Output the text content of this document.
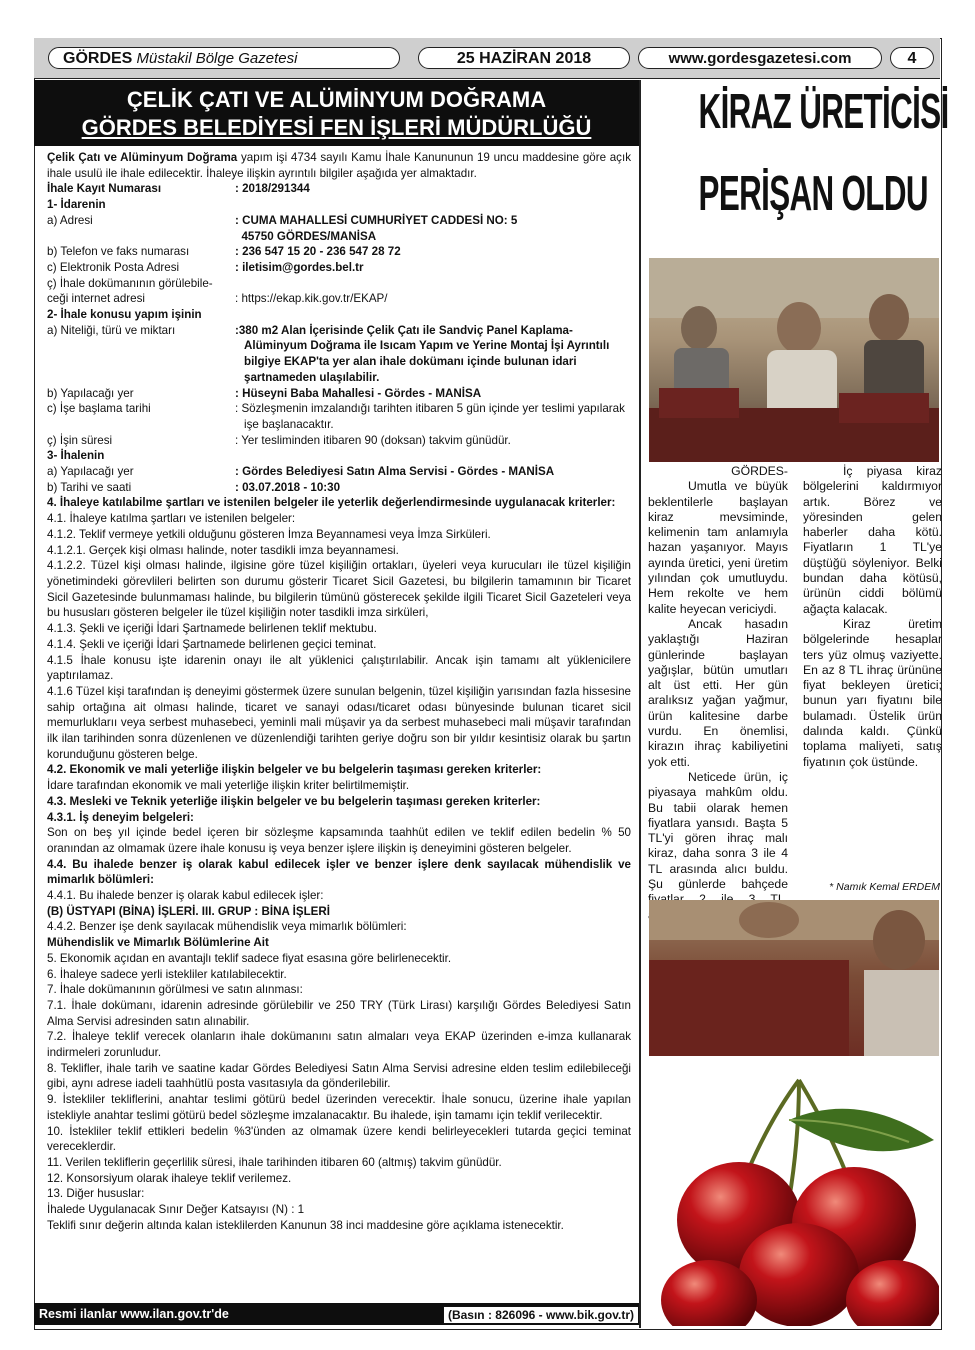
GÖRDES Müstakil Bölge Gazetesi	25 HAZİRAN 2018	www.gordesgazetesi.com	4
ÇELİK ÇATI VE ALÜMİNYUM DOĞRAMA
GÖRDES BELEDİYESİ FEN İŞLERİ MÜDÜRLÜĞÜ

Çelik Çatı ve Alüminyum Doğrama yapım işi 4734 sayılı Kamu İhale Kanununun 19 uncu maddesine göre açık ihale usulü ile ihale edilecektir. İhaleye ilişkin ayrıntılı bilgiler aşağıda yer almaktadır.

İhale Kayıt Numarası	: 2018/291344

1- İdarenin

a) Adresi	: CUMA MAHALLESİ CUMHURİYET CADDESİ NO: 5
45750 GÖRDES/MANİSA
b) Telefon ve faks numarası	: 236 547 15 20 - 236 547 28 72
c) Elektronik Posta Adresi	: iletisim@gordes.bel.tr

ç) İhale dokümanının görülebile-

ceği internet adresi	: https://ekap.kik.gov.tr/EKAP/

2- İhale konusu yapım işinin

a) Niteliği, türü ve miktarı	:380 m2 Alan İçerisinde Çelik Çatı ile Sandviç Panel Kaplama-Alüminyum Doğrama ile Isıcam Yapım ve Yerine Montaj İşi Ayrıntılı bilgiye EKAP'ta yer alan ihale dokümanı içinde bulunan idari şartnameden ulaşılabilir.
b) Yapılacağı yer	: Hüseyni Baba Mahallesi - Gördes - MANİSA
c) İşe başlama tarihi	: Sözleşmenin imzalandığı tarihten itibaren 5 gün içinde yer teslimi yapılarak işe başlanacaktır.
ç) İşin süresi	: Yer tesliminden itibaren 90 (doksan) takvim günüdür.

3- İhalenin

a) Yapılacağı yer	: Gördes Belediyesi Satın Alma Servisi - Gördes - MANİSA
b) Tarihi ve saati	: 03.07.2018 - 10:30

4. İhaleye katılabilme şartları ve istenilen belgeler ile yeterlik değerlendirmesinde uygulanacak kriterler:

4.1. İhaleye katılma şartları ve istenilen belgeler:

4.1.2. Teklif vermeye yetkili olduğunu gösteren İmza Beyannamesi veya İmza Sirküleri.

4.1.2.1. Gerçek kişi olması halinde, noter tasdikli imza beyannamesi.

4.1.2.2. Tüzel kişi olması halinde, ilgisine göre tüzel kişiliğin ortakları, üyeleri veya kurucuları ile tüzel kişiliğin yönetimindeki görevlileri belirten son durumu gösterir Ticaret Sicil Gazetesi, bu bilgilerin tamamının bir Ticaret Sicil Gazetesinde bulunmaması halinde, bu bilgilerin tümünü gösterecek şekilde ilgili Ticaret Sicil Gazeteleri veya bu hususları gösteren belgeler ile tüzel kişiliğin noter tasdikli imza sirküleri,

4.1.3. Şekli ve içeriği İdari Şartnamede belirlenen teklif mektubu.

4.1.4. Şekli ve içeriği İdari Şartnamede belirlenen geçici teminat.

4.1.5 İhale konusu işte idarenin onayı ile alt yüklenici çalıştırılabilir. Ancak işin tamamı alt yüklenicilere yaptırılamaz.

4.1.6 Tüzel kişi tarafından iş deneyimi göstermek üzere sunulan belgenin, tüzel kişiliğin yarısından fazla hissesine sahip ortağına ait olması halinde, ticaret ve sanayi odası/ticaret odası bünyesinde bulunan ticaret sicil memurluklarıı veya serbest muhasebeci, yeminli mali müşavir ya da serbest muhasebeci mali müşavir tarafından ilk ilan tarihinden sonra düzenlenen ve düzenlendiği tarihten geriye doğru son bir yıldır kesintisiz olarak bu şartın korunduğunu gösteren belge.

4.2. Ekonomik ve mali yeterliğe ilişkin belgeler ve bu belgelerin taşıması gereken kriterler:

İdare tarafından ekonomik ve mali yeterliğe ilişkin kriter belirtilmemiştir.

4.3. Mesleki ve Teknik yeterliğe ilişkin belgeler ve bu belgelerin taşıması gereken kriterler:

4.3.1. İş deneyim belgeleri:

Son on beş yıl içinde bedel içeren bir sözleşme kapsamında taahhüt edilen ve teklif edilen bedelin % 50 oranından az olmamak üzere ihale konusu iş veya benzer işlere ilişkin iş deneyimini gösteren belgeler.

4.4. Bu ihalede benzer iş olarak kabul edilecek işler ve benzer işlere denk sayılacak mühendislik ve mimarlık bölümleri:

4.4.1. Bu ihalede benzer iş olarak kabul edilecek işler:

(B) ÜSTYAPI (BİNA) İŞLERİ. III. GRUP : BİNA İŞLERİ

4.4.2. Benzer işe denk sayılacak mühendislik veya mimarlık bölümleri:

Mühendislik ve Mimarlık Bölümlerine Ait

5. Ekonomik açıdan en avantajlı teklif sadece fiyat esasına göre belirlenecektir.

6. İhaleye sadece yerli istekliler katılabilecektir.

7. İhale dokümanının görülmesi ve satın alınması:

7.1. İhale dokümanı, idarenin adresinde görülebilir ve 250 TRY (Türk Lirası) karşılığı Gördes Belediyesi Satın Alma Servisi adresinden satın alınabilir.

7.2. İhaleye teklif verecek olanların ihale dokümanını satın almaları veya EKAP üzerinden e-imza kullanarak indirmeleri zorunludur.

8. Teklifler, ihale tarih ve saatine kadar Gördes Belediyesi Satın Alma Servisi adresine elden teslim edilebileceği gibi, aynı adrese iadeli taahhütlü posta vasıtasıyla da gönderilebilir.

9. İstekliler tekliflerini, anahtar teslimi götürü bedel üzerinden verecektir. İhale sonucu, üzerine ihale yapılan istekliyle anahtar teslimi götürü bedel sözleşme imzalanacaktır. Bu ihalede, işin tamamı için teklif verilecektir.

10. İstekliler teklif ettikleri bedelin %3'ünden az olmamak üzere kendi belirleyecekleri tutarda geçici teminat vereceklerdir.

11. Verilen tekliflerin geçerlilik süresi, ihale tarihinden itibaren 60 (altmış) takvim günüdür.

12. Konsorsiyum olarak ihaleye teklif verilemez.

13. Diğer hususlar:

İhalede Uygulanacak Sınır Değer Katsayısı (N) : 1

Teklifi sınır değerin altında kalan isteklilerden Kanunun 38 inci maddesine göre açıklama istenecektir.

Resmi ilanlar www.ilan.gov.tr'de	(Basın : 826096 - www.bik.gov.tr)
KİRAZ ÜRETİCİSİ
PERİŞAN OLDU

GÖRDES-

Umutla ve büyük beklentilerle başlayan kiraz mevsiminde, kelimenin tam anlamıyla hazan yaşanıyor. Mayıs ayında üretici, yeni üretim yılından çok umutluydu. Hem rekolte ve hem kalite heyecan vericiydi.

Ancak hasadın yaklaştığı Haziran günlerinde başlayan yağışlar, bütün umutları alt üst etti. Her gün aralıksız yağan yağmur, ürün kalitesine darbe vurdu. En önemlisi, kirazın ihraç kabiliyetini yok etti.

Neticede ürün, iç piyasaya mahkûm oldu. Bu tabii olarak hemen fiyatlara yansıdı. Başta 5 TL'yi gören ihraç malı kiraz, daha sonra 3 ile 4 TL arasında alıcı buldu. Şu günlerde bahçede

İç piyasa kiraz bölgelerini kaldırmıyor artık. Börez ve yöresinden gelen haberler daha kötü. Fiyatların 1 TL'ye düştüğü söyleniyor. Belki bundan daha kötüsü, ürünün ciddi bölümü ağaçta kalacak.

Kiraz üretim bölgelerinde hesaplar ters yüz olmuş vaziyette. En az 8 TL ihraç ürününe fiyat bekleyen üretici; bunun yarı fiyatını bile bulamadı. Üstelik ürün dalında kaldı. Çünkü toplama maliyeti, satış fiyatının çok üstünde.

* Namık Kemal ERDEM
